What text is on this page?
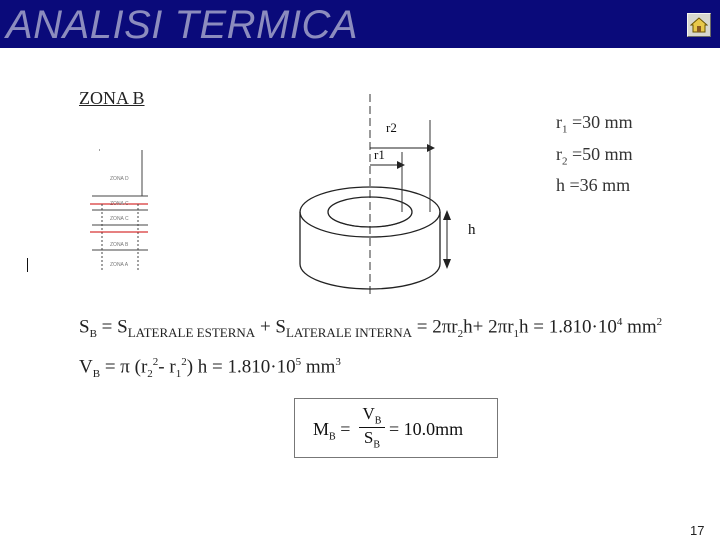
ANALISI TERMICA
ZONA B
ZONA D
ZONA C
ZONA C
ZONA B
ZONA A
r2
r1
h
$r_1 =30$ mm
$r_2 =50$ mm
h =36 mm
$S_B = S_{LATERALE ESTERNA} + S_{LATERALE INTERNA} = 2\pi r_2h+ 2\pi r_1h = 1.810\cdot 10^4$ $mm^2$
$V_B = \pi$ ($r_2^2-$ $r_1^2$) $h = 1.810\cdot 10^5$ $mm^3$
$M_B = \frac{V_B}{S_B} = 10.0mm$
17
